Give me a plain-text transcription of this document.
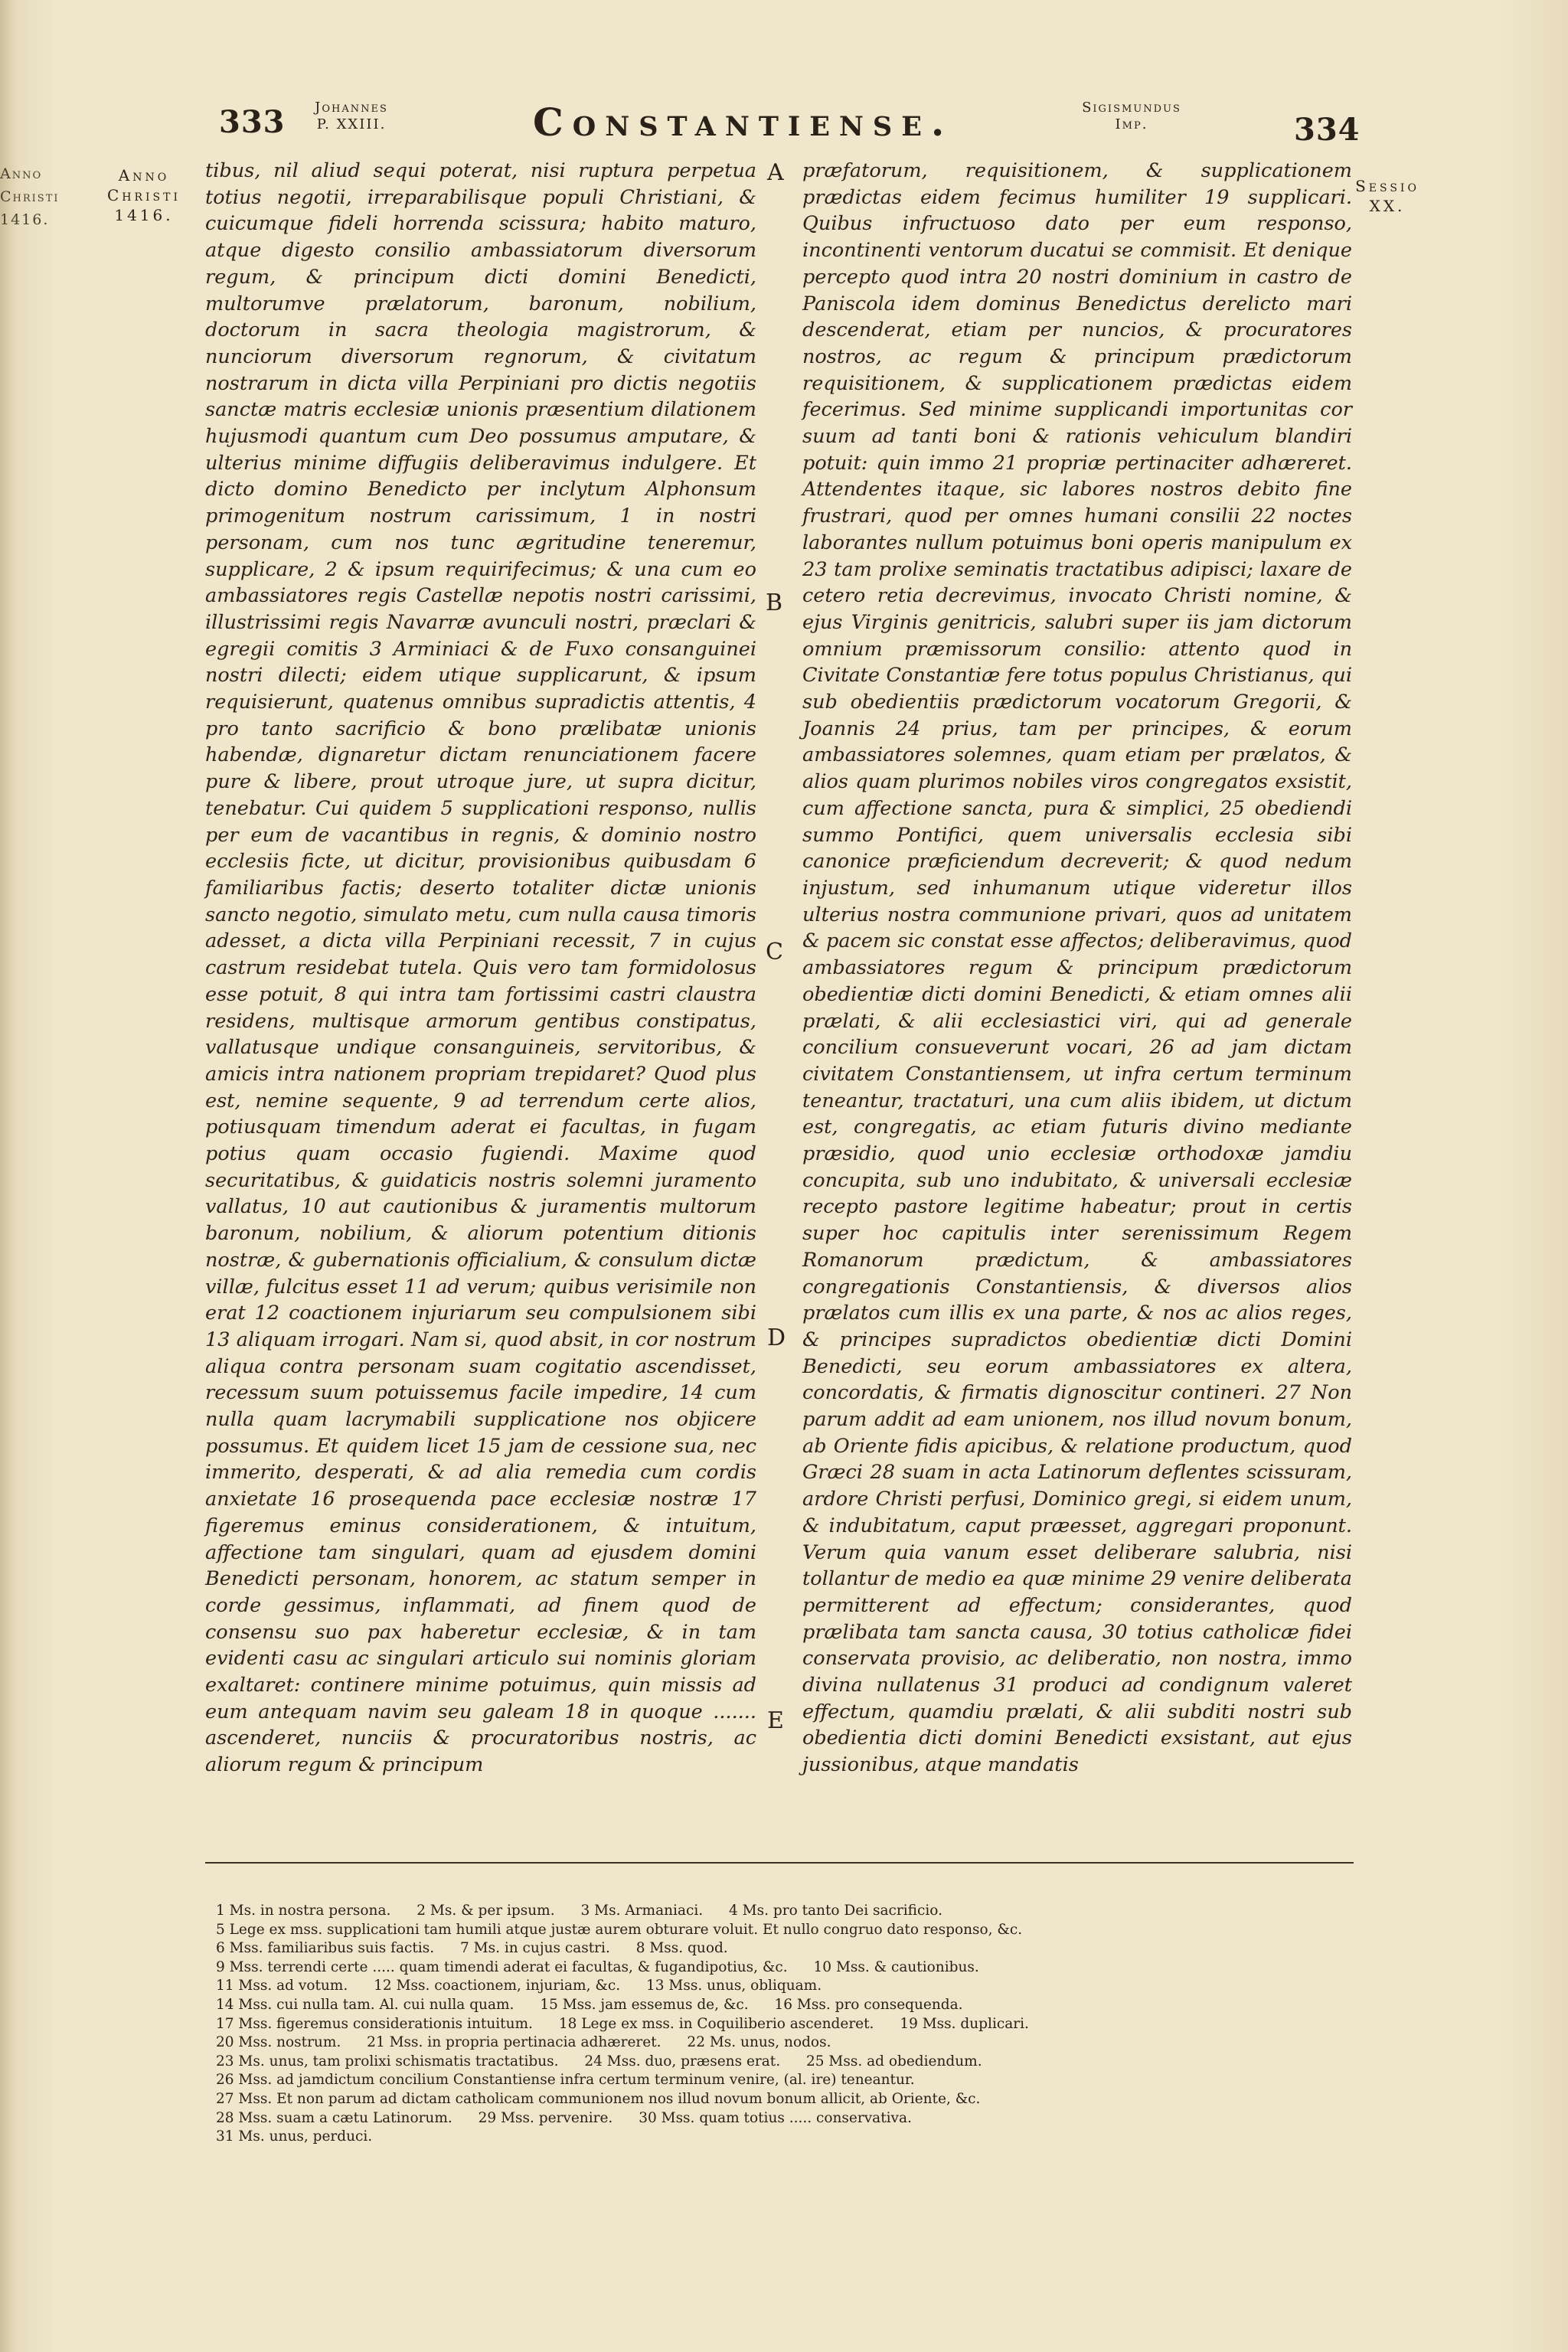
Anno Christi 1416.
333	Johannes
P. XXIII.	Constantiense.	Sigismundus
Imp.	334
Anno
Christi
1416.
Sessio
XX.
A
B
C
D
E

tibus, nil aliud sequi poterat, nisi ruptura perpetua totius negotii, irreparabilisque populi Christiani, & cuicumque fideli horrenda scissura; habito maturo, atque digesto consilio ambassiatorum diversorum regum, & principum dicti domini Benedicti, multorumve prælatorum, baronum, nobilium, doctorum in sacra theologia magistrorum, & nunciorum diversorum regnorum, & civitatum nostrarum in dicta villa Perpiniani pro dictis negotiis sanctæ matris ecclesiæ unionis præsentium dilationem hujusmodi quantum cum Deo possumus amputare, & ulterius minime diffugiis deliberavimus indulgere. Et dicto domino Benedicto per inclytum Alphonsum primogenitum nostrum carissimum, 1 in nostri personam, cum nos tunc ægritudine teneremur, supplicare, 2 & ipsum requirifecimus; & una cum eo ambassiatores regis Castellæ nepotis nostri carissimi, illustrissimi regis Navarræ avunculi nostri, præclari & egregii comitis 3 Arminiaci & de Fuxo consanguinei nostri dilecti; eidem utique supplicarunt, & ipsum requisierunt, quatenus omnibus supradictis attentis, 4 pro tanto sacrificio & bono prælibatæ unionis habendæ, dignaretur dictam renunciationem facere pure & libere, prout utroque jure, ut supra dicitur, tenebatur. Cui quidem 5 supplicationi responso, nullis per eum de vacantibus in regnis, & dominio nostro ecclesiis ficte, ut dicitur, provisionibus quibusdam 6 familiaribus factis; deserto totaliter dictæ unionis sancto negotio, simulato metu, cum nulla causa timoris adesset, a dicta villa Perpiniani recessit, 7 in cujus castrum residebat tutela. Quis vero tam formidolosus esse potuit, 8 qui intra tam fortissimi castri claustra residens, multisque armorum gentibus constipatus, vallatusque undique consanguineis, servitoribus, & amicis intra nationem propriam trepidaret? Quod plus est, nemine sequente, 9 ad terrendum certe alios, potiusquam timendum aderat ei facultas, in fugam potius quam occasio fugiendi. Maxime quod securitatibus, & guidaticis nostris solemni juramento vallatus, 10 aut cautionibus & juramentis multorum baronum, nobilium, & aliorum potentium ditionis nostræ, & gubernationis officialium, & consulum dictæ villæ, fulcitus esset 11 ad verum; quibus verisimile non erat 12 coactionem injuriarum seu compulsionem sibi 13 aliquam irrogari. Nam si, quod absit, in cor nostrum aliqua contra personam suam cogitatio ascendisset, recessum suum potuissemus facile impedire, 14 cum nulla quam lacrymabili supplicatione nos objicere possumus. Et quidem licet 15 jam de cessione sua, nec immerito, desperati, & ad alia remedia cum cordis anxietate 16 prosequenda pace ecclesiæ nostræ 17 figeremus eminus considerationem, & intuitum, affectione tam singulari, quam ad ejusdem domini Benedicti personam, honorem, ac statum semper in corde gessimus, inflammati, ad finem quod de consensu suo pax haberetur ecclesiæ, & in tam evidenti casu ac singulari articulo sui nominis gloriam exaltaret: continere minime potuimus, quin missis ad eum antequam navim seu galeam 18 in quoque ....... ascenderet, nunciis & procuratoribus nostris, ac aliorum regum & principum

præfatorum, requisitionem, & supplicationem prædictas eidem fecimus humiliter 19 supplicari. Quibus infructuoso dato per eum responso, incontinenti ventorum ducatui se commisit. Et denique percepto quod intra 20 nostri dominium in castro de Paniscola idem dominus Benedictus derelicto mari descenderat, etiam per nuncios, & procuratores nostros, ac regum & principum prædictorum requisitionem, & supplicationem prædictas eidem fecerimus. Sed minime supplicandi importunitas cor suum ad tanti boni & rationis vehiculum blandiri potuit: quin immo 21 propriæ pertinaciter adhæreret. Attendentes itaque, sic labores nostros debito fine frustrari, quod per omnes humani consilii 22 noctes laborantes nullum potuimus boni operis manipulum ex 23 tam prolixe seminatis tractatibus adipisci; laxare de cetero retia decrevimus, invocato Christi nomine, & ejus Virginis genitricis, salubri super iis jam dictorum omnium præmissorum consilio: attento quod in Civitate Constantiæ fere totus populus Christianus, qui sub obedientiis prædictorum vocatorum Gregorii, & Joannis 24 prius, tam per principes, & eorum ambassiatores solemnes, quam etiam per prælatos, & alios quam plurimos nobiles viros congregatos exsistit, cum affectione sancta, pura & simplici, 25 obediendi summo Pontifici, quem universalis ecclesia sibi canonice præficiendum decreverit; & quod nedum injustum, sed inhumanum utique videretur illos ulterius nostra communione privari, quos ad unitatem & pacem sic constat esse affectos; deliberavimus, quod ambassiatores regum & principum prædictorum obedientiæ dicti domini Benedicti, & etiam omnes alii prælati, & alii ecclesiastici viri, qui ad generale concilium consueverunt vocari, 26 ad jam dictam civitatem Constantiensem, ut infra certum terminum teneantur, tractaturi, una cum aliis ibidem, ut dictum est, congregatis, ac etiam futuris divino mediante præsidio, quod unio ecclesiæ orthodoxæ jamdiu concupita, sub uno indubitato, & universali ecclesiæ recepto pastore legitime habeatur; prout in certis super hoc capitulis inter serenissimum Regem Romanorum prædictum, & ambassiatores congregationis Constantiensis, & diversos alios prælatos cum illis ex una parte, & nos ac alios reges, & principes supradictos obedientiæ dicti Domini Benedicti, seu eorum ambassiatores ex altera, concordatis, & firmatis dignoscitur contineri. 27 Non parum addit ad eam unionem, nos illud novum bonum, ab Oriente fidis apicibus, & relatione productum, quod Græci 28 suam in acta Latinorum deflentes scissuram, ardore Christi perfusi, Dominico gregi, si eidem unum, & indubitatum, caput præesset, aggregari proponunt. Verum quia vanum esset deliberare salubria, nisi tollantur de medio ea quæ minime 29 venire deliberata permitterent ad effectum; considerantes, quod prælibata tam sancta causa, 30 totius catholicæ fidei conservata provisio, ac deliberatio, non nostra, immo divina nullatenus 31 produci ad condignum valeret effectum, quamdiu prælati, & alii subditi nostri sub obedientia dicti domini Benedicti exsistant, aut ejus jussionibus, atque mandatis

1 Ms. in nostra persona. 2 Ms. & per ipsum. 3 Ms. Armaniaci. 4 Ms. pro tanto Dei sacrificio.
5 Lege ex mss. supplicationi tam humili atque justæ aurem obturare voluit. Et nullo congruo dato responso, &c.
6 Mss. familiaribus suis factis. 7 Ms. in cujus castri. 8 Mss. quod.
9 Mss. terrendi certe ..... quam timendi aderat ei facultas, & fugandipotius, &c. 10 Mss. & cautionibus.
11 Mss. ad votum. 12 Mss. coactionem, injuriam, &c. 13 Mss. unus, obliquam.
14 Mss. cui nulla tam. Al. cui nulla quam. 15 Mss. jam essemus de, &c. 16 Mss. pro consequenda.
17 Mss. figeremus considerationis intuitum. 18 Lege ex mss. in Coquiliberio ascenderet. 19 Mss. duplicari.
20 Mss. nostrum. 21 Mss. in propria pertinacia adhæreret. 22 Ms. unus, nodos.
23 Ms. unus, tam prolixi schismatis tractatibus. 24 Mss. duo, præsens erat. 25 Mss. ad obediendum.
26 Mss. ad jamdictum concilium Constantiense infra certum terminum venire, (al. ire) teneantur.
27 Mss. Et non parum ad dictam catholicam communionem nos illud novum bonum allicit, ab Oriente, &c.
28 Mss. suam a cætu Latinorum. 29 Mss. pervenire. 30 Mss. quam totius ..... conservativa.
31 Ms. unus, perduci.
